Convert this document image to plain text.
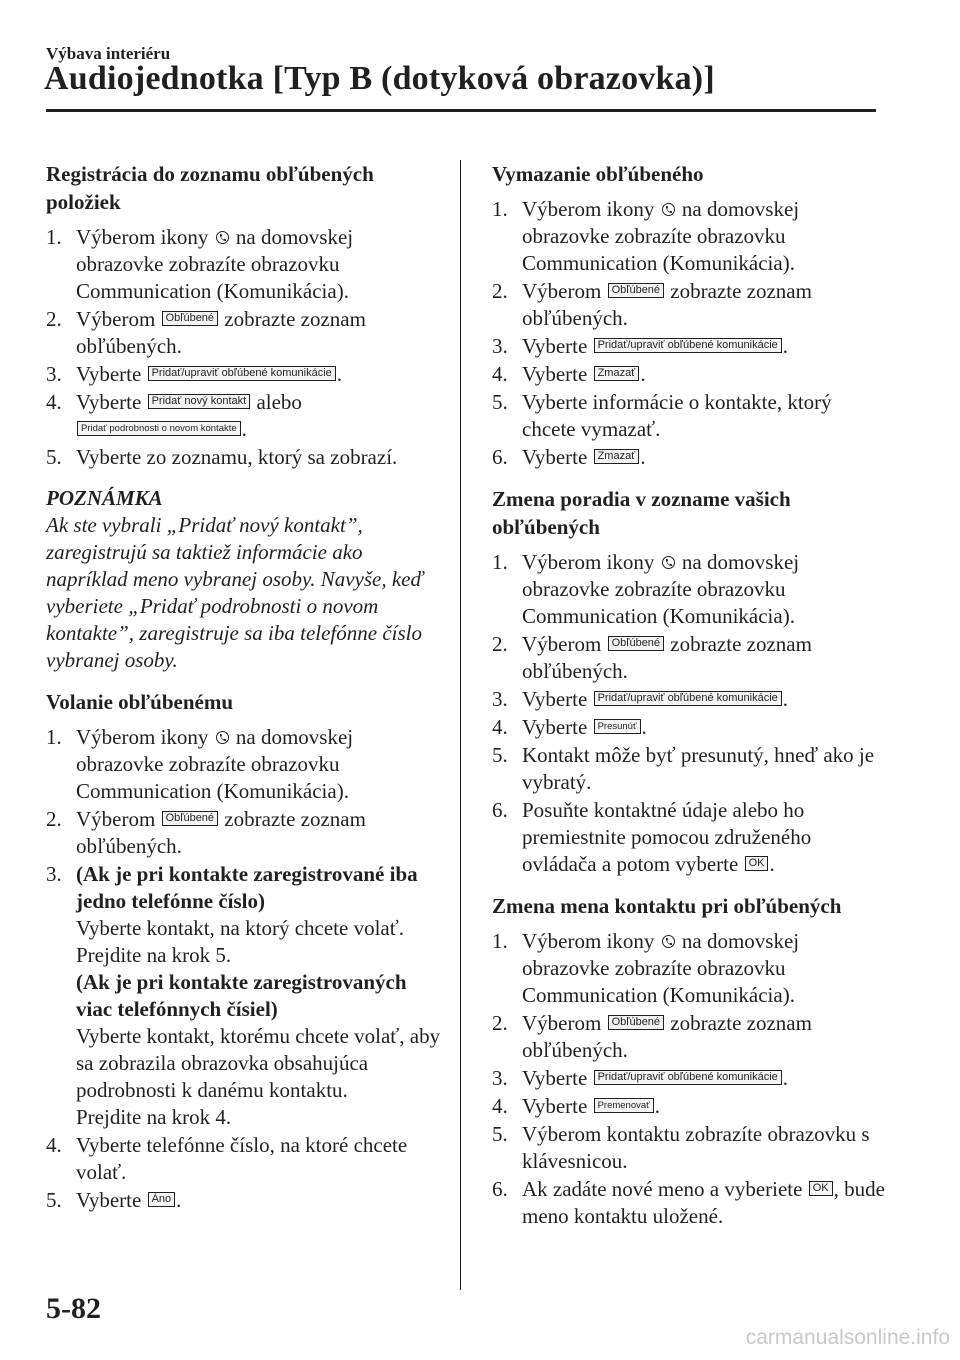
Výbava interiéru
Audiojednotka [Typ B (dotyková obrazovka)]
Registrácia do zoznamu obľúbených položiek
1. Výberom ikony na domovskej obrazovke zobrazíte obrazovku Communication (Komunikácia).
2. Výberom Obľúbené zobrazte zoznam obľúbených.
3. Vyberte Pridať/upraviť obľúbené komunikácie .
4. Vyberte Pridať nový kontakt alebo
Pridať podrobnosti o novom kontakte .
5. Vyberte zo zoznamu, ktorý sa zobrazí.
POZNÁMKA
Ak ste vybrali „Pridať nový kontakt”, zaregistrujú sa taktiež informácie ako napríklad meno vybranej osoby. Navyše, keď vyberiete „Pridať podrobnosti o novom kontakte”, zaregistruje sa iba telefónne číslo vybranej osoby.
Volanie obľúbenému
1. Výberom ikony na domovskej obrazovke zobrazíte obrazovku Communication (Komunikácia).
2. Výberom Obľúbené zobrazte zoznam obľúbených.
3. (Ak je pri kontakte zaregistrované iba jedno telefónne číslo)
Vyberte kontakt, na ktorý chcete volať.
Prejdite na krok 5.
(Ak je pri kontakte zaregistrovaných viac telefónnych čísiel)
Vyberte kontakt, ktorému chcete volať, aby sa zobrazila obrazovka obsahujúca podrobnosti k danému kontaktu.
Prejdite na krok 4.
4. Vyberte telefónne číslo, na ktoré chcete volať.
5. Vyberte Áno .
Vymazanie obľúbeného
1. Výberom ikony na domovskej obrazovke zobrazíte obrazovku Communication (Komunikácia).
2. Výberom Obľúbené zobrazte zoznam obľúbených.
3. Vyberte Pridať/upraviť obľúbené komunikácie .
4. Vyberte Zmazať .
5. Vyberte informácie o kontakte, ktorý chcete vymazať.
6. Vyberte Zmazať .
Zmena poradia v zozname vašich obľúbených
1. Výberom ikony na domovskej obrazovke zobrazíte obrazovku Communication (Komunikácia).
2. Výberom Obľúbené zobrazte zoznam obľúbených.
3. Vyberte Pridať/upraviť obľúbené komunikácie .
4. Vyberte Presunúť .
5. Kontakt môže byť presunutý, hneď ako je vybratý.
6. Posuňte kontaktné údaje alebo ho premiestnite pomocou združeného ovládača a potom vyberte OK .
Zmena mena kontaktu pri obľúbených
1. Výberom ikony na domovskej obrazovke zobrazíte obrazovku Communication (Komunikácia).
2. Výberom Obľúbené zobrazte zoznam obľúbených.
3. Vyberte Pridať/upraviť obľúbené komunikácie .
4. Vyberte Premenovať .
5. Výberom kontaktu zobrazíte obrazovku s klávesnicou.
6. Ak zadáte nové meno a vyberiete OK , bude meno kontaktu uložené.
5-82
carmanualsonline.info
